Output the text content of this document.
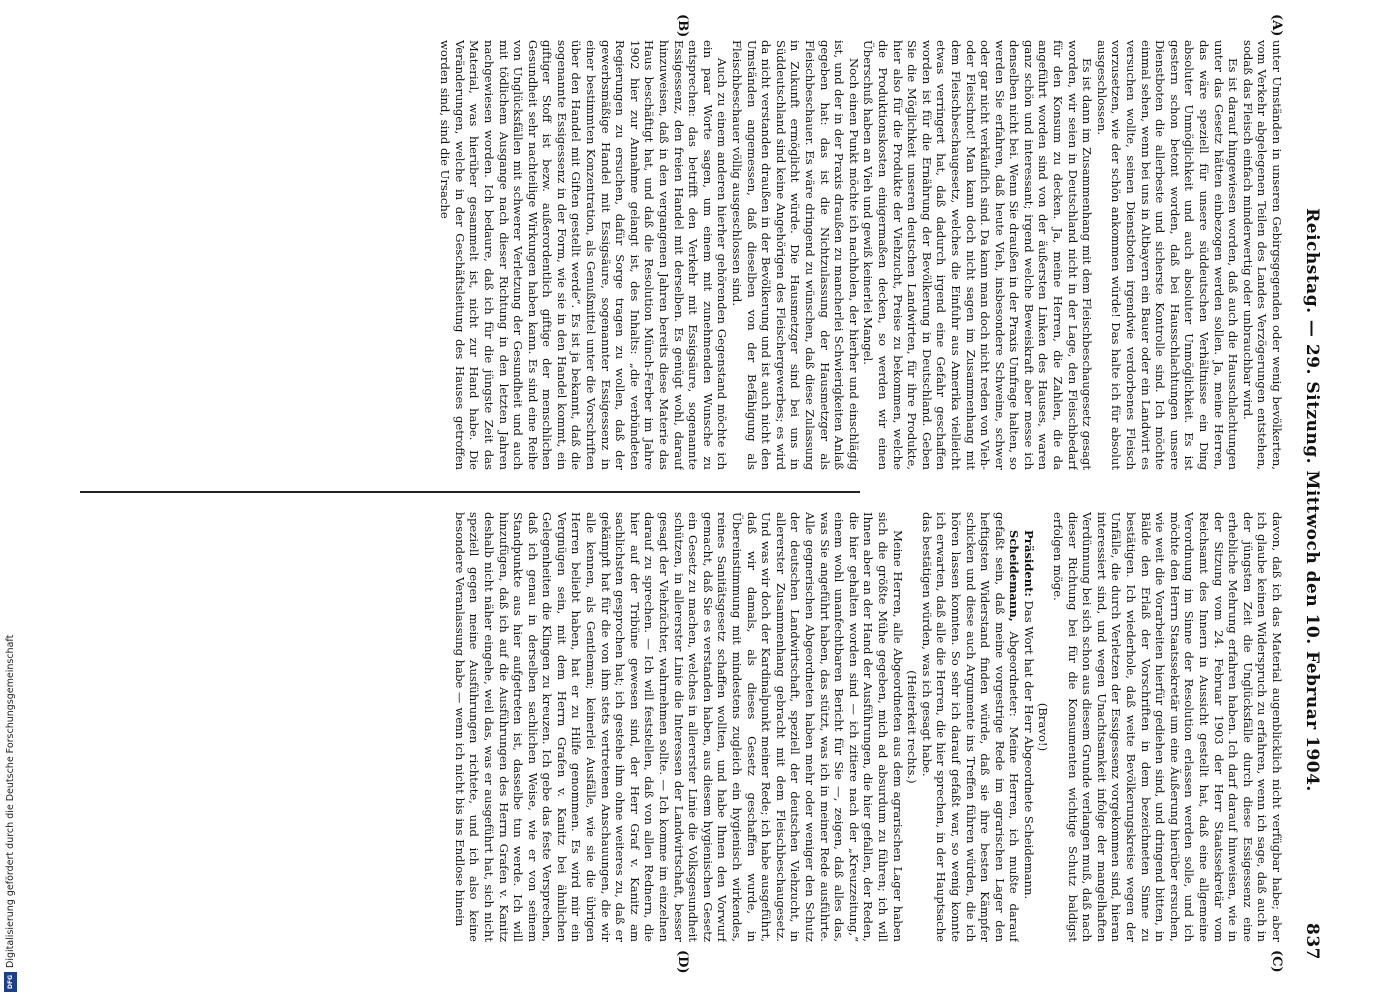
Reichstag. — 29. Sitzung. Mittwoch den 10. Februar 1904.
837
(A)
(B)
(C)
(D)

unter Umständen in unseren Gebirgsgegenden oder wenig bevölkerten, vom Verkehr abgelegenen Teilen des Landes Verzögerungen entstehen, sodaß das Fleisch einfach minderwertig oder unbrauchbar wird.

Es ist darauf hingewiesen worden, daß auch die Hausschlachtungen unter das Gesetz hätten einbezogen werden sollen. Ja, meine Herren, das wäre speziell für unsere süddeutschen Verhältnisse ein Ding absoluter Unmöglichkeit und auch absoluter Unmöglichkeit. Es ist gestern schon betont worden, daß bei Hausschlachtungen unsere Dienstboten die allerbeste und sicherste Kontrolle sind. Ich möchte einmal sehen, wenn bei uns in Altbayern ein Bauer oder ein Landwirt es versuchen wollte, seinen Dienstboten irgendwie verdorbenes Fleisch vorzusetzen, wie der schön ankommen würde! Das halte ich für absolut ausgeschlossen.

Es ist dann im Zusammenhang mit dem Fleischbeschaugesetz gesagt worden, wir seien in Deutschland nicht in der Lage, den Fleischbedarf für den Konsum zu decken. Ja, meine Herren, die Zahlen, die da angeführt worden sind von der äußersten Linken des Hauses, waren ganz schön und interessant; irgend welche Beweiskraft aber messe ich denselben nicht bei. Wenn Sie draußen in der Praxis Umfrage halten, so werden Sie erfahren, daß heute Vieh, insbesondere Schweine, schwer oder gar nicht verkäuflich sind. Da kann man doch nicht reden von Vieh- oder Fleischnot! Man kann doch nicht sagen im Zusammenhang mit dem Fleischbeschaugesetz, welches die Einfuhr aus Amerika vielleicht etwas verringert hat, daß dadurch irgend eine Gefahr geschaffen worden ist für die Ernährung der Bevölkerung in Deutschland. Geben Sie die Möglichkeit unseren deutschen Landwirten, für ihre Produkte, hier also für die Produkte der Viehzucht, Preise zu bekommen, welche die Produktionskosten einigermaßen decken, so werden wir einen Überschuß haben an Vieh und gewiß keinerlei Mangel.

Noch einen Punkt möchte ich nachholen, der hierher und einschlägig ist, und der in der Praxis draußen zu mancherlei Schwierigkeiten Anlaß gegeben hat: das ist die Nichtzulassung der Hausmetzger als Fleischbeschauer. Es wäre dringend zu wünschen, daß diese Zulassung in Zukunft ermöglicht würde. Die Hausmetzger sind bei uns in Süddeutschland sind keine Angehörigen des Fleischergewerbes; es wird da nicht verstanden draußen in der Bevölkerung und ist auch nicht den Umständen angemessen, daß dieselben von der Befähigung als Fleischbeschauer völlig ausgeschlossen sind.

Auch zu einem anderen hierher gehörenden Gegenstand möchte ich ein paar Worte sagen, um einem mit zunehmenden Wunsche zu entsprechen: das betrifft den Verkehr mit Essigsäure, sogenannte Essigessenz, den freien Handel mit derselben. Es genügt wohl, darauf hinzuweisen, daß in den vergangenen Jahren bereits diese Materie das Haus beschäftigt hat, und daß die Resolution Münch-Ferber im Jahre 1902 hier zur Annahme gelangt ist, des Inhalts: „die verbündeten Regierungen zu ersuchen, dafür Sorge tragen zu wollen, daß der gewerbsmäßige Handel mit Essigsäure, sogenannter Essigessenz in einer bestimmten Konzentration, als Genußmittel unter die Vorschriften über den Handel mit Giften gestellt werde“. Es ist ja bekannt, daß die sogenannte Essigessenz in der Form, wie sie in den Handel kommt, ein giftiger Stoff ist bezw. außerordentlich giftige der menschlichen Gesundheit sehr nachteilige Wirkungen haben kann. Es sind eine Reihe von Unglücksfällen mit schwerer Verletzung der Gesundheit und auch mit tödlichem Ausgange nach dieser Richtung in den letzten Jahren nachgewiesen worden. Ich bedaure, daß ich für die jüngste Zeit das Material, was hierüber gesammelt ist, nicht zur Hand habe. Die Veränderungen, welche in der Geschäftsleitung des Hauses getroffen worden sind, sind die Ursache

davon, daß ich das Material augenblicklich nicht verfügbar habe; aber ich glaube keinen Widerspruch zu erfahren, wenn ich sage, daß auch in der jüngsten Zeit die Unglücksfälle durch diese Essigessenz eine erhebliche Mehrung erfahren haben. Ich darf darauf hinweisen, wie in der Sitzung vom 24. Februar 1903 der Herr Staatssekretär vom Reichsamt des Innern in Aussicht gestellt hat, daß eine allgemeine Verordnung im Sinne der Resolution erlassen werden solle, und ich möchte den Herrn Staatssekretär um eine Äußerung hierüber ersuchen, wie weit die Vorarbeiten hierfür gediehen sind, und dringend bitten, in Bälde den Erlaß der Vorschriften in dem bezeichneten Sinne zu bestätigen. Ich wiederhole, daß weite Bevölkerungskreise wegen der Unfälle, die durch Verletzen der Essigessenz vorgekommen sind, hieran interessiert sind, und wegen Unachtsamkeit infolge der mangelhaften Verdünnung bei sich schon aus diesem Grunde verlangen muß, daß nach dieser Richtung bei für die Konsumenten wichtige Schutz baldigst erfolgen möge.

(Bravo!)

Präsident: Das Wort hat der Herr Abgeordnete Scheidemann.

Scheidemann, Abgeordneter: Meine Herren, ich mußte darauf gefaßt sein, daß meine vorgestrige Rede im agrarischen Lager den heftigsten Widerstand finden würde, daß sie ihre besten Kämpfer schicken und diese auch Argumente ins Treffen führen würden, die ich hören lassen konnten. So sehr ich darauf gefaßt war, so wenig konnte ich erwarten, daß alle die Herren, die hier sprechen, in der Hauptsache das bestätigen würden, was ich gesagt habe.

(Heiterkeit rechts.)

Meine Herren, alle Abgeordneten aus dem agrarischen Lager haben sich die größte Mühe gegeben, mich ad absurdum zu führen; ich will Ihnen aber an der Hand der Ausführungen, die hier gefallen, der Reden, die hier gehalten worden sind — ich zitiere nach der „Kreuzzeitung,“ einem wohl unanfechtbaren Bericht für Sie —, zeigen, daß alles das, was Sie angeführt haben, das stützt, was ich in meiner Rede ausführte. Alle gegnerischen Abgeordneten haben mehr oder weniger den Schutz der deutschen Landwirtschaft, speziell der deutschen Viehzucht, in allererster Zusammenhang gebracht mit dem Fleischbeschaugesetz. Und was wir doch der Kardinalpunkt meiner Rede; ich habe ausgeführt, daß wir damals, als dieses Gesetz geschaffen wurde, in Übereinstimmung mit mindestens zugleich ein hygienisch wirkendes, reines Sanitätsgesetz schaffen wollten, und habe Ihnen den Vorwurf gemacht, daß Sie es verstanden haben, aus diesem hygienischen Gesetz ein Gesetz zu machen, welches in allererster Linie die Volksgesundheit schützen, in allererster Linie die Interessen der Landwirtschaft, besser gesagt der Viehzüchter, wahrnehmen sollte. — Ich komme im einzelnen darauf zu sprechen. — Ich will feststellen, daß von allen Rednern, die hier auf der Tribüne gewesen sind, der Herr Graf v. Kanitz am sachlichsten gesprochen hat; ich gestehe ihm ohne weiteres zu, daß er gekämpft hat für die von ihm stets vertretenen Anschauungen, die wir alle kennen, als Gentleman; keinerlei Ausfälle, wie sie die übrigen Herren beliebt haben, hat er zu Hilfe genommen. Es wird mir ein Vergnügen sein, mit dem Herrn Grafen v. Kanitz bei ähnlichen Gelegenheiten die Klingen zu kreuzen. Ich gebe das feste Versprechen, daß ich genau in derselben sachlichen Weise, wie er von seinem Standpunkte aus hier aufgetreten ist, dasselbe tun werde. Ich will hinzufügen, daß ich auf die Ausführungen des Herrn Grafen v. Kanitz deshalb nicht näher eingehe, weil das, was er ausgeführt hat, sich nicht speziell gegen meine Ausführungen richtete, und ich also keine besondere Veranlassung habe — wenn ich nicht bis ins Endlose hinein

Digitalisierung gefördert durch die Deutsche Forschungsgemeinschaft
DFG
